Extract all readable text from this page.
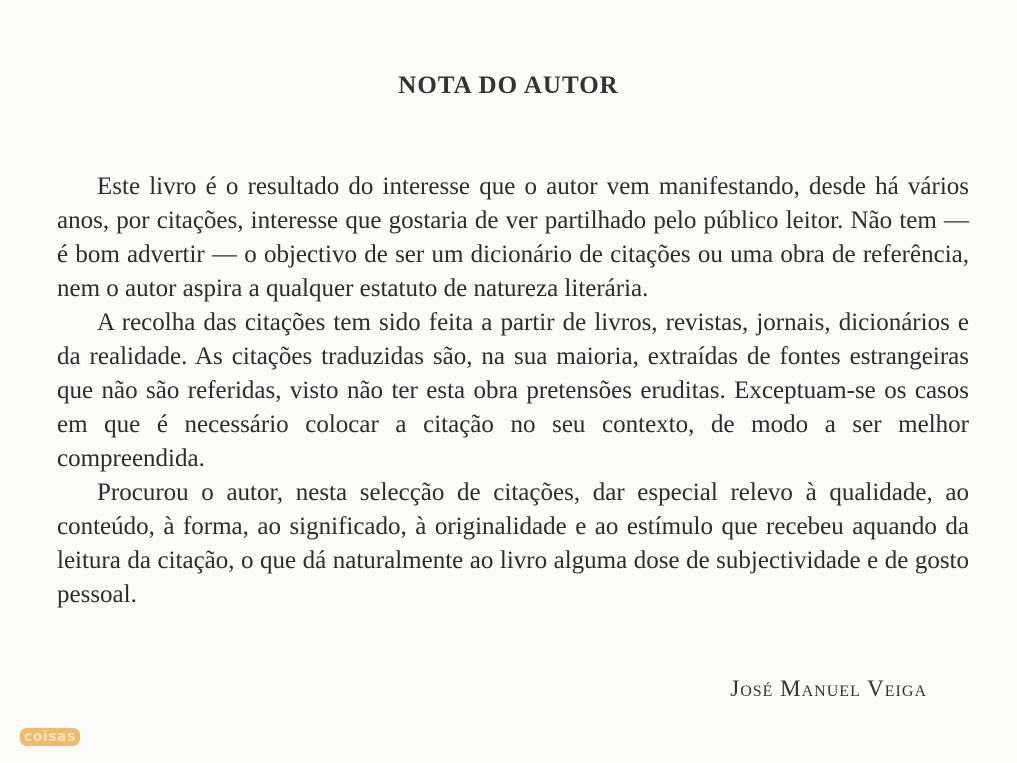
NOTA DO AUTOR

Este livro é o resultado do interesse que o autor vem manifestando, desde há vários anos, por citações, interesse que gostaria de ver partilhado pelo público leitor. Não tem — é bom advertir — o objectivo de ser um dicionário de citações ou uma obra de referência, nem o autor aspira a qualquer estatuto de natureza literária.

A recolha das citações tem sido feita a partir de livros, revistas, jornais, dicionários e da realidade. As citações traduzidas são, na sua maioria, extraídas de fontes estrangeiras que não são referidas, visto não ter esta obra pretensões eruditas. Exceptuam-se os casos em que é necessário colocar a citação no seu contexto, de modo a ser melhor compreendida.

Procurou o autor, nesta selecção de citações, dar especial relevo à qualidade, ao conteúdo, à forma, ao significado, à originalidade e ao estímulo que recebeu aquando da leitura da citação, o que dá naturalmente ao livro alguma dose de subjectividade e de gosto pessoal.

José Manuel Veiga
coisas
